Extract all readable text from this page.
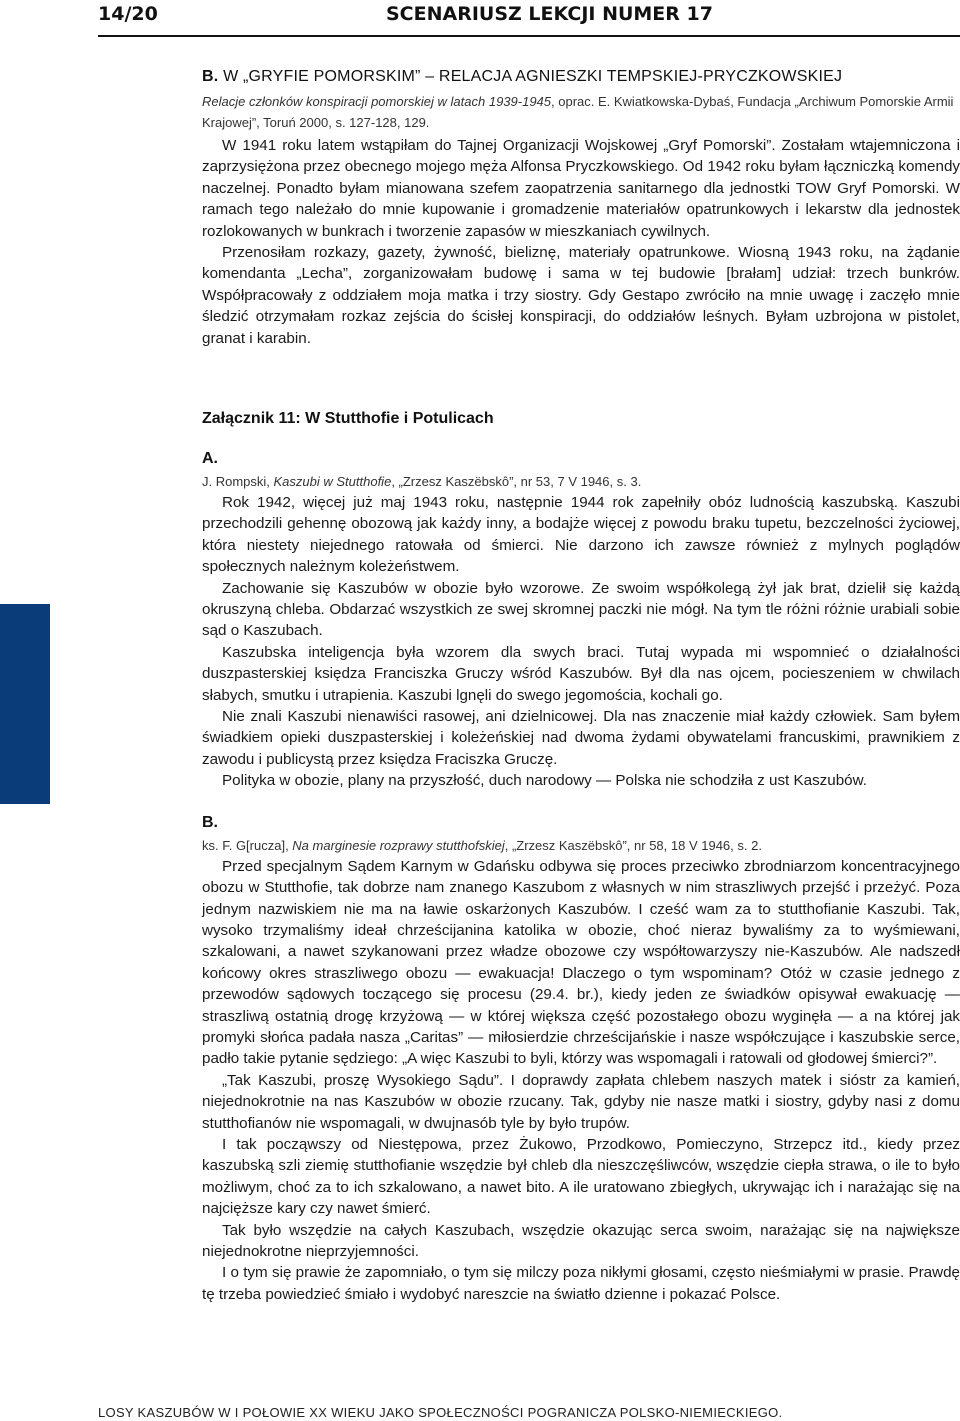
14/20	SCENARIUSZ LEKCJI NUMER 17

B. W „GRYFIE POMORSKIM” – RELACJA AGNIESZKI TEMPSKIEJ-PRYCZKOWSKIEJ

Relacje członków konspiracji pomorskiej w latach 1939-1945, oprac. E. Kwiatkowska-Dybaś, Fundacja „Archiwum Pomorskie Armii Krajowej”, Toruń 2000, s. 127-128, 129.

W 1941 roku latem wstąpiłam do Tajnej Organizacji Wojskowej „Gryf Pomorski”. Zostałam wtajemniczona i zaprzysiężona przez obecnego mojego męża Alfonsa Pryczkowskiego. Od 1942 roku byłam łączniczką komendy naczelnej. Ponadto byłam mianowana szefem zaopatrzenia sanitarnego dla jednostki TOW Gryf Pomorski. W ramach tego należało do mnie kupowanie i gromadzenie materiałów opatrunkowych i lekarstw dla jednostek rozlokowanych w bunkrach i tworzenie zapasów w mieszkaniach cywilnych.

Przenosiłam rozkazy, gazety, żywność, bieliznę, materiały opatrunkowe. Wiosną 1943 roku, na żądanie komendanta „Lecha”, zorganizowałam budowę i sama w tej budowie [brałam] udział: trzech bunkrów. Współpracowały z oddziałem moja matka i trzy siostry. Gdy Gestapo zwróciło na mnie uwagę i zaczęło mnie śledzić otrzymałam rozkaz zejścia do ścisłej konspiracji, do oddziałów leśnych. Byłam uzbrojona w pistolet, granat i karabin.

Załącznik 11: W Stutthofie i Potulicach

A.

J. Rompski, Kaszubi w Stutthofie, „Zrzesz Kaszëbskô”, nr 53, 7 V 1946, s. 3.

Rok 1942, więcej już maj 1943 roku, następnie 1944 rok zapełniły obóz ludnością kaszubską. Kaszubi przechodzili gehennę obozową jak każdy inny, a bodajże więcej z powodu braku tupetu, bezczelności życiowej, która niestety niejednego ratowała od śmierci. Nie darzono ich zawsze również z mylnych poglądów społecznych należnym koleżeństwem.

Zachowanie się Kaszubów w obozie było wzorowe. Ze swoim współkolegą żył jak brat, dzielił się każdą okruszyną chleba. Obdarzać wszystkich ze swej skromnej paczki nie mógł. Na tym tle różni różnie urabiali sobie sąd o Kaszubach.

Kaszubska inteligencja była wzorem dla swych braci. Tutaj wypada mi wspomnieć o działalności duszpasterskiej księdza Franciszka Gruczy wśród Kaszubów. Był dla nas ojcem, pocieszeniem w chwilach słabych, smutku i utrapienia. Kaszubi lgnęli do swego jegomościa, kochali go.

Nie znali Kaszubi nienawiści rasowej, ani dzielnicowej. Dla nas znaczenie miał każdy człowiek. Sam byłem świadkiem opieki duszpasterskiej i koleżeńskiej nad dwoma żydami obywatelami francuskimi, prawnikiem z zawodu i publicystą przez księdza Fraciszka Gruczę.

Polityka w obozie, plany na przyszłość, duch narodowy — Polska nie schodziła z ust Kaszubów.

B.

ks. F. G[rucza], Na marginesie rozprawy stutthofskiej, „Zrzesz Kaszëbskô”, nr 58, 18 V 1946, s. 2.

Przed specjalnym Sądem Karnym w Gdańsku odbywa się proces przeciwko zbrodniarzom koncentracyjnego obozu w Stutthofie, tak dobrze nam znanego Kaszubom z własnych w nim straszliwych przejść i przeżyć. Poza jednym nazwiskiem nie ma na ławie oskarżonych Kaszubów. I cześć wam za to stutthofianie Kaszubi. Tak, wysoko trzymaliśmy ideał chrześcijanina katolika w obozie, choć nieraz bywaliśmy za to wyśmiewani, szkalowani, a nawet szykanowani przez władze obozowe czy współtowarzyszy nie-Kaszubów. Ale nadszedł końcowy okres straszliwego obozu — ewakuacja! Dlaczego o tym wspominam? Otóż w czasie jednego z przewodów sądowych toczącego się procesu (29.4. br.), kiedy jeden ze świadków opisywał ewakuację — straszliwą ostatnią drogę krzyżową — w której większa część pozostałego obozu wyginęła — a na której jak promyki słońca padała nasza „Caritas” — miłosierdzie chrześcijańskie i nasze współczujące i kaszubskie serce, padło takie pytanie sędziego: „A więc Kaszubi to byli, którzy was wspomagali i ratowali od głodowej śmierci?”.

„Tak Kaszubi, proszę Wysokiego Sądu”. I doprawdy zapłata chlebem naszych matek i sióstr za kamień, niejednokrotnie na nas Kaszubów w obozie rzucany. Tak, gdyby nie nasze matki i siostry, gdyby nasi z domu stutthofianów nie wspomagali, w dwujnasób tyle by było trupów.

I tak począwszy od Niestępowa, przez Żukowo, Przodkowo, Pomieczyno, Strzepcz itd., kiedy przez kaszubską szli ziemię stutthofianie wszędzie był chleb dla nieszczęśliwców, wszędzie ciepła strawa, o ile to było możliwym, choć za to ich szkalowano, a nawet bito. A ile uratowano zbiegłych, ukrywając ich i narażając się na najcięższe kary czy nawet śmierć.

Tak było wszędzie na całych Kaszubach, wszędzie okazując serca swoim, narażając się na największe niejednokrotne nieprzyjemności.

I o tym się prawie że zapomniało, o tym się milczy poza nikłymi głosami, często nieśmiałymi w prasie. Prawdę tę trzeba powiedzieć śmiało i wydobyć nareszcie na światło dzienne i pokazać Polsce.

LOSY KASZUBÓW W I POŁOWIE XX WIEKU JAKO SPOŁECZNOŚCI POGRANICZA POLSKO-NIEMIECKIEGO.
